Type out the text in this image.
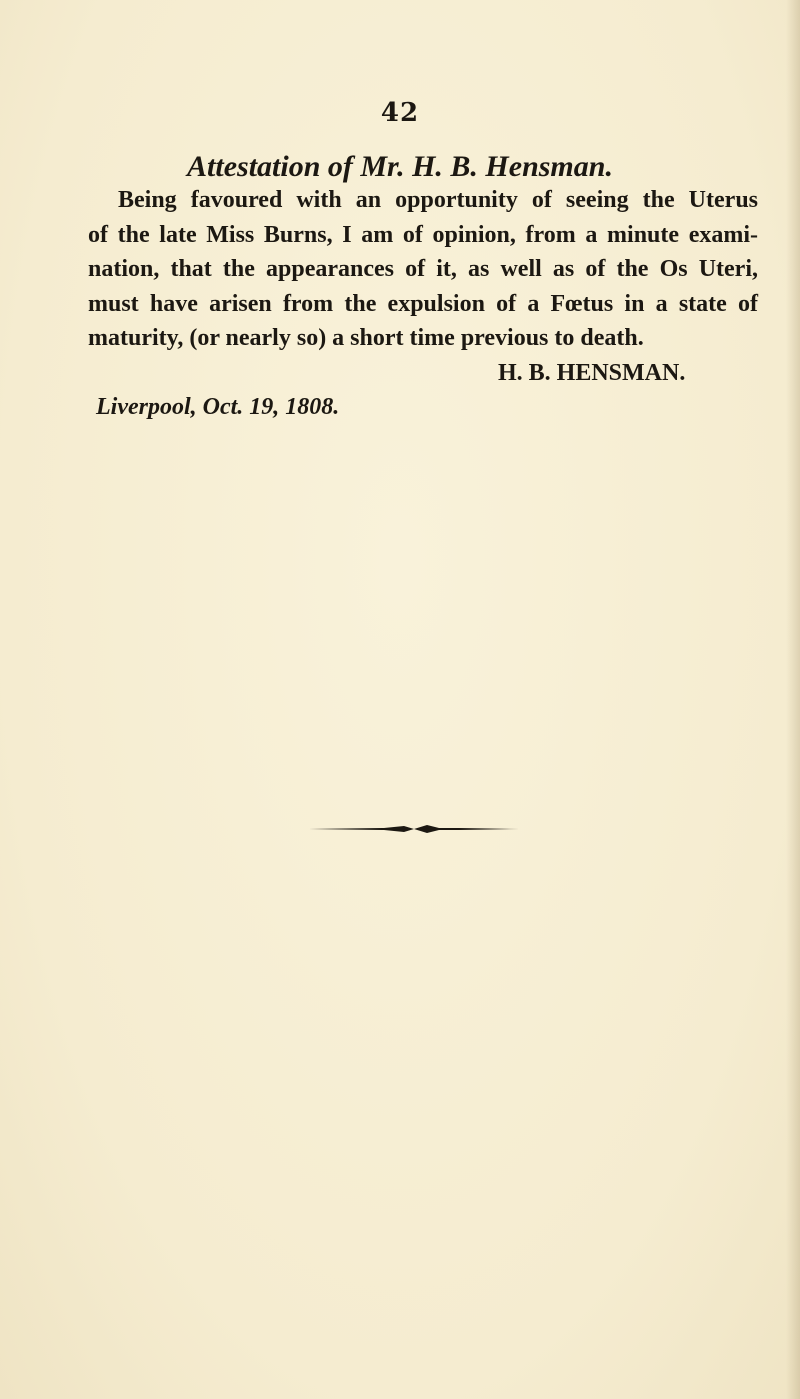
42
Attestation of Mr. H. B. Hensman.
Being favoured with an opportunity of seeing the Uterus
of the late Miss Burns, I am of opinion, from a minute exami-
nation, that the appearances of it, as well as of the Os Uteri,
must have arisen from the expulsion of a Fœtus in a state of
maturity, (or nearly so) a short time previous to death.
H. B. HENSMAN.
Liverpool, Oct. 19, 1808.
